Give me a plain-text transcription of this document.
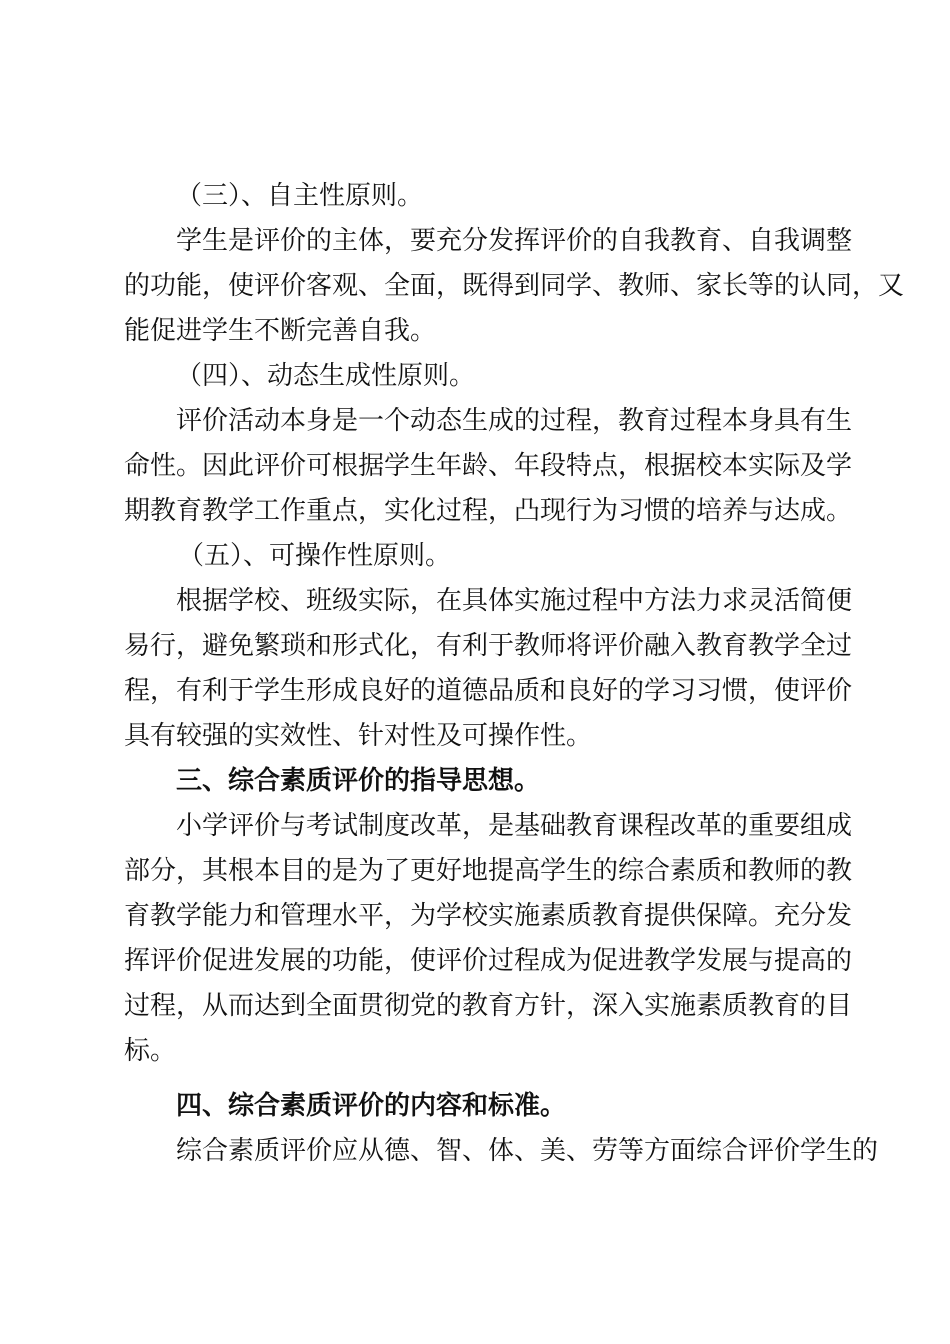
（三）、自主性原则。
学生是评价的主体，要充分发挥评价的自我教育、自我调整
的功能，使评价客观、全面，既得到同学、教师、家长等的认同，又
能促进学生不断完善自我。
（四）、动态生成性原则。
评价活动本身是一个动态生成的过程，教育过程本身具有生
命性。因此评价可根据学生年龄、年段特点，根据校本实际及学
期教育教学工作重点，实化过程，凸现行为习惯的培养与达成。
（五）、可操作性原则。
根据学校、班级实际，在具体实施过程中方法力求灵活简便
易行，避免繁琐和形式化，有利于教师将评价融入教育教学全过
程，有利于学生形成良好的道德品质和良好的学习习惯，使评价
具有较强的实效性、针对性及可操作性。
三、综合素质评价的指导思想。
小学评价与考试制度改革，是基础教育课程改革的重要组成
部分，其根本目的是为了更好地提高学生的综合素质和教师的教
育教学能力和管理水平，为学校实施素质教育提供保障。充分发
挥评价促进发展的功能，使评价过程成为促进教学发展与提高的
过程，从而达到全面贯彻党的教育方针，深入实施素质教育的目
标。
四、综合素质评价的内容和标准。
综合素质评价应从德、智、体、美、劳等方面综合评价学生的
